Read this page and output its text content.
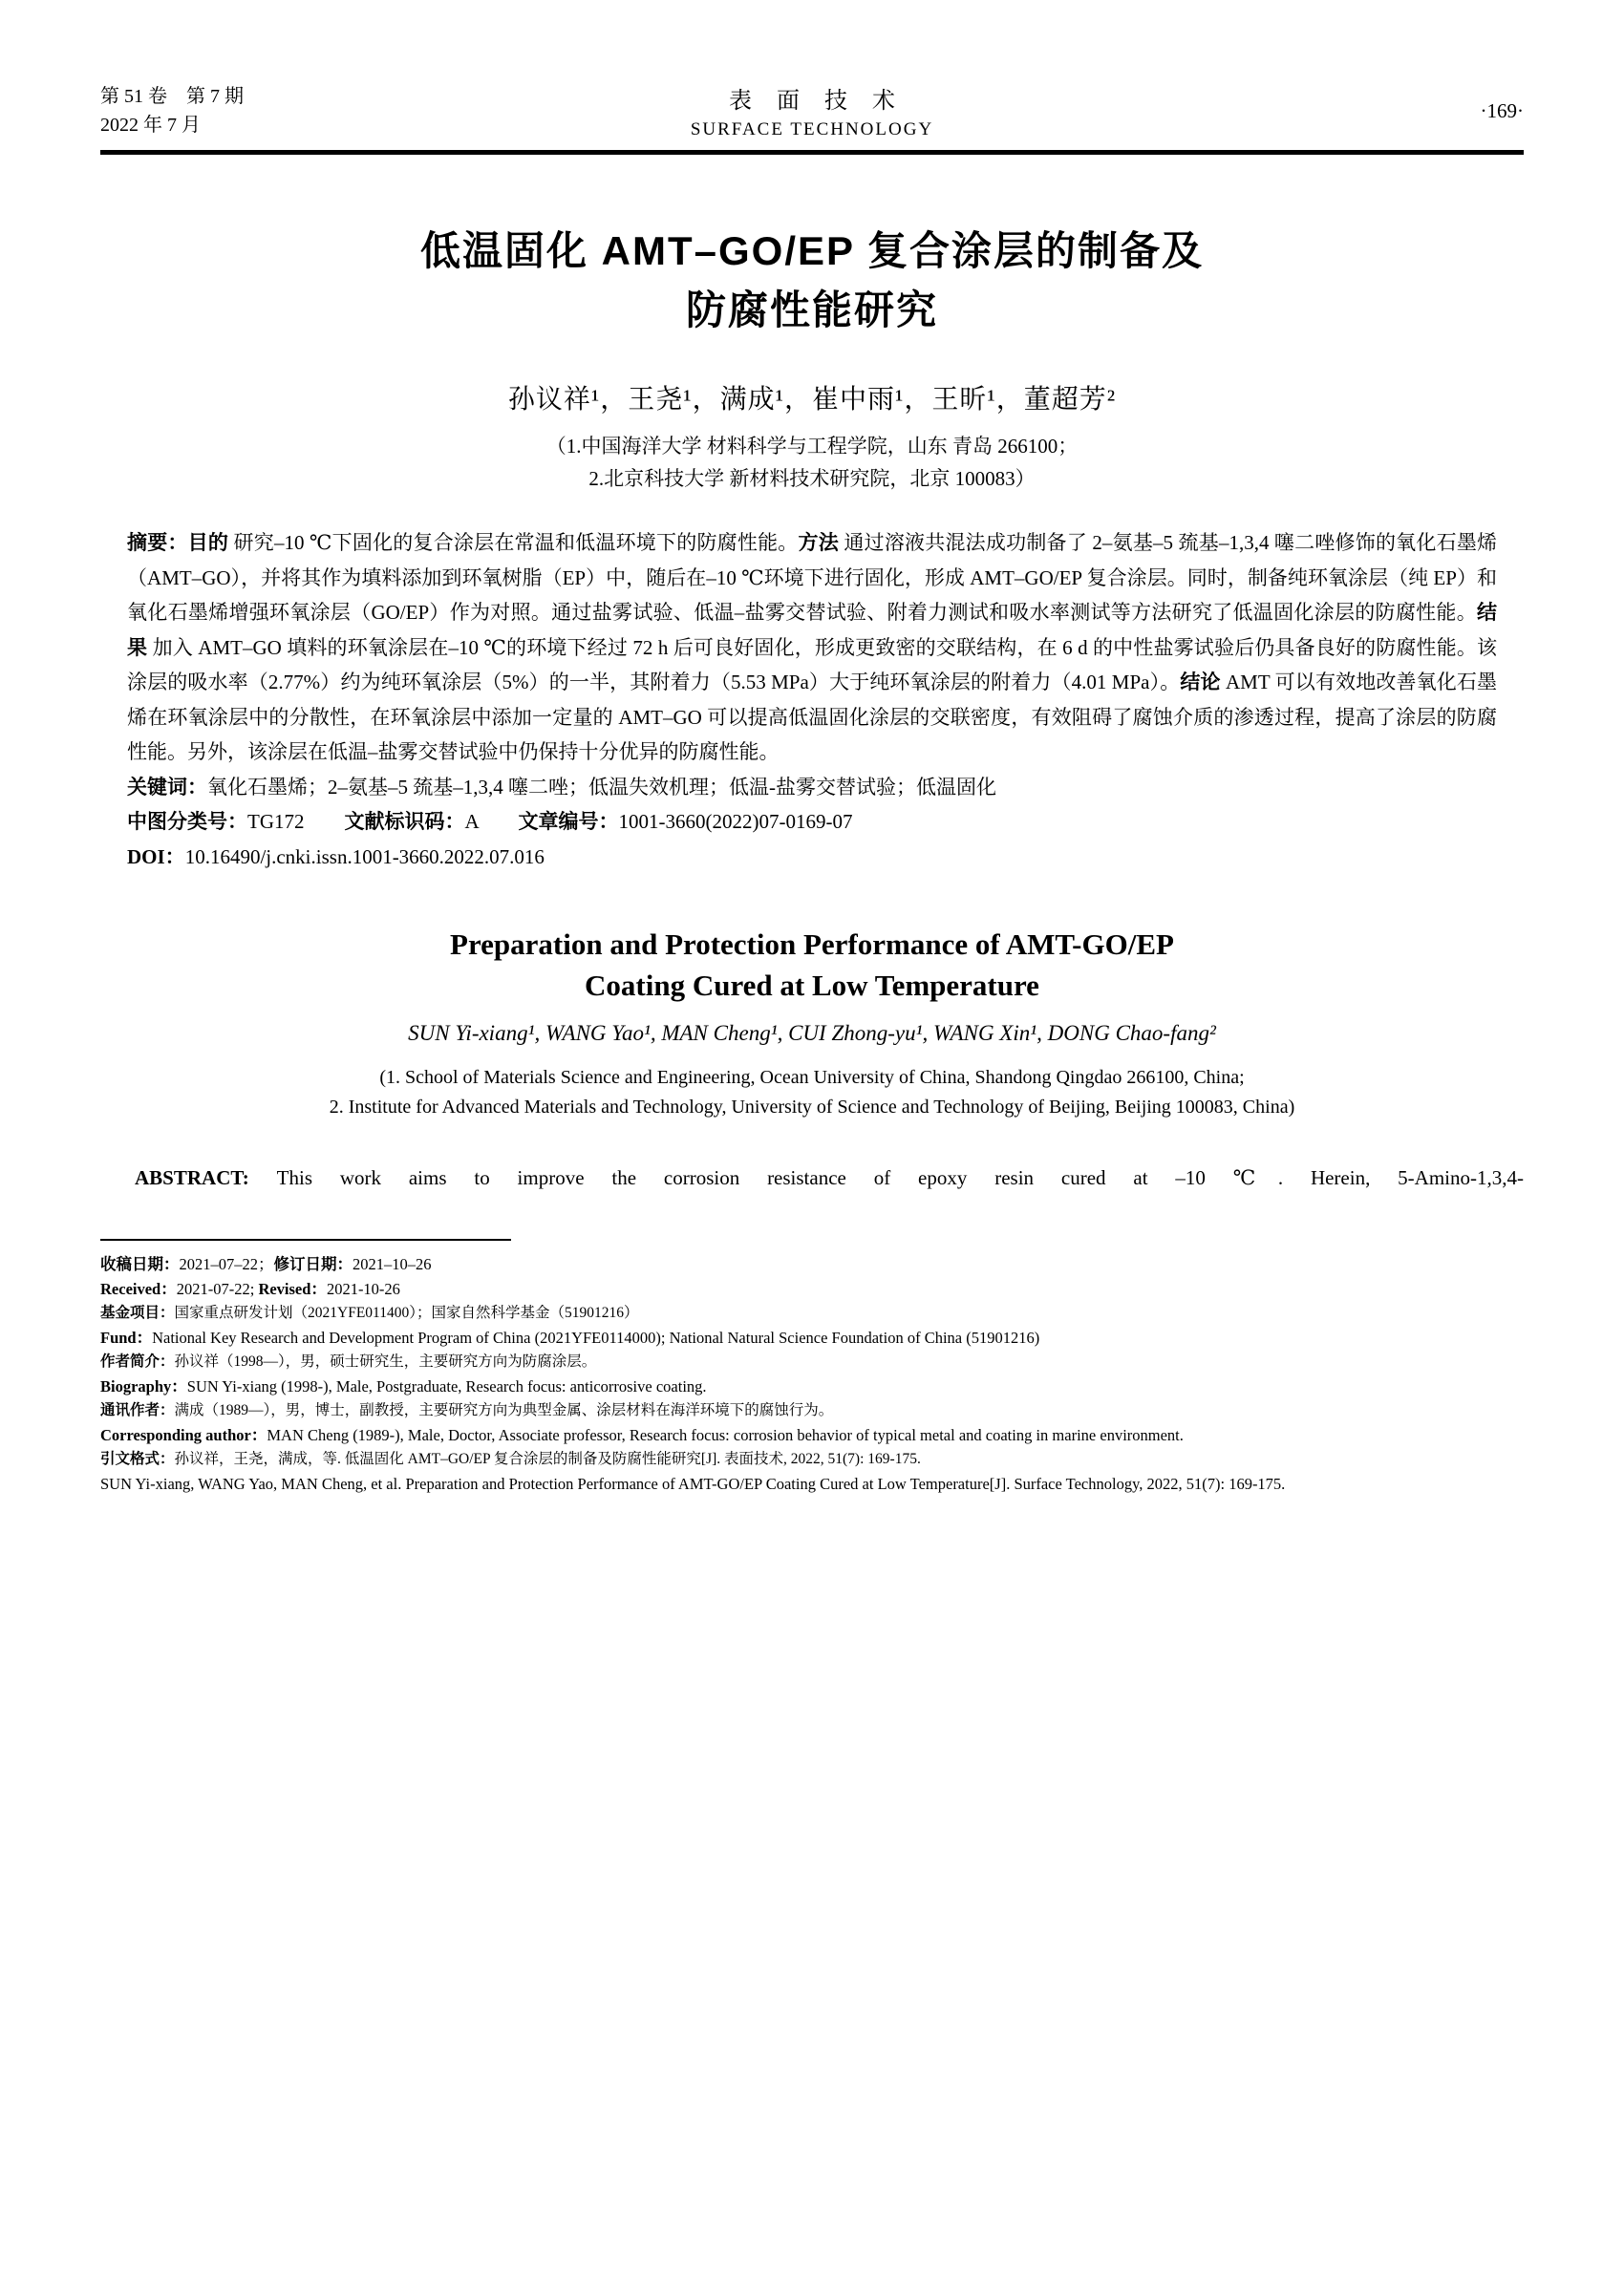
第 51 卷　第 7 期
2022 年 7 月
表 面 技 术
SURFACE TECHNOLOGY
·169·
低温固化 AMT–GO/EP 复合涂层的制备及
防腐性能研究
孙议祥¹，王尧¹，满成¹，崔中雨¹，王昕¹，董超芳²
（1.中国海洋大学 材料科学与工程学院，山东 青岛 266100；
2.北京科技大学 新材料技术研究院，北京 100083）

摘要：目的 研究–10 ℃下固化的复合涂层在常温和低温环境下的防腐性能。方法 通过溶液共混法成功制备了 2–氨基–5 巯基–1,3,4 噻二唑修饰的氧化石墨烯（AMT–GO），并将其作为填料添加到环氧树脂（EP）中，随后在–10 ℃环境下进行固化，形成 AMT–GO/EP 复合涂层。同时，制备纯环氧涂层（纯 EP）和氧化石墨烯增强环氧涂层（GO/EP）作为对照。通过盐雾试验、低温–盐雾交替试验、附着力测试和吸水率测试等方法研究了低温固化涂层的防腐性能。结果 加入 AMT–GO 填料的环氧涂层在–10 ℃的环境下经过 72 h 后可良好固化，形成更致密的交联结构，在 6 d 的中性盐雾试验后仍具备良好的防腐性能。该涂层的吸水率（2.77%）约为纯环氧涂层（5%）的一半，其附着力（5.53 MPa）大于纯环氧涂层的附着力（4.01 MPa）。结论 AMT 可以有效地改善氧化石墨烯在环氧涂层中的分散性，在环氧涂层中添加一定量的 AMT–GO 可以提高低温固化涂层的交联密度，有效阻碍了腐蚀介质的渗透过程，提高了涂层的防腐性能。另外，该涂层在低温–盐雾交替试验中仍保持十分优异的防腐性能。

关键词：氧化石墨烯；2–氨基–5 巯基–1,3,4 噻二唑；低温失效机理；低温-盐雾交替试验；低温固化

中图分类号：TG172　　文献标识码：A　　文章编号：1001-3660(2022)07-0169-07

DOI：10.16490/j.cnki.issn.1001-3660.2022.07.016

Preparation and Protection Performance of AMT-GO/EP
Coating Cured at Low Temperature
SUN Yi-xiang¹, WANG Yao¹, MAN Cheng¹, CUI Zhong-yu¹, WANG Xin¹, DONG Chao-fang²
(1. School of Materials Science and Engineering, Ocean University of China, Shandong Qingdao 266100, China;
2. Institute for Advanced Materials and Technology, University of Science and Technology of Beijing, Beijing 100083, China)

ABSTRACT: This work aims to improve the corrosion resistance of epoxy resin cured at –10 ℃. Herein, 5-Amino-1,3,4-

收稿日期：2021–07–22；修订日期：2021–10–26

Received：2021-07-22; Revised：2021-10-26

基金项目：国家重点研发计划（2021YFE011400）；国家自然科学基金（51901216）

Fund：National Key Research and Development Program of China (2021YFE0114000); National Natural Science Foundation of China (51901216)

作者简介：孙议祥（1998—），男，硕士研究生，主要研究方向为防腐涂层。

Biography：SUN Yi-xiang (1998-), Male, Postgraduate, Research focus: anticorrosive coating.

通讯作者：满成（1989—），男，博士，副教授，主要研究方向为典型金属、涂层材料在海洋环境下的腐蚀行为。

Corresponding author：MAN Cheng (1989-), Male, Doctor, Associate professor, Research focus: corrosion behavior of typical metal and coating in marine environment.

引文格式：孙议祥，王尧，满成，等. 低温固化 AMT–GO/EP 复合涂层的制备及防腐性能研究[J]. 表面技术, 2022, 51(7): 169-175.

SUN Yi-xiang, WANG Yao, MAN Cheng, et al. Preparation and Protection Performance of AMT-GO/EP Coating Cured at Low Temperature[J]. Surface Technology, 2022, 51(7): 169-175.
